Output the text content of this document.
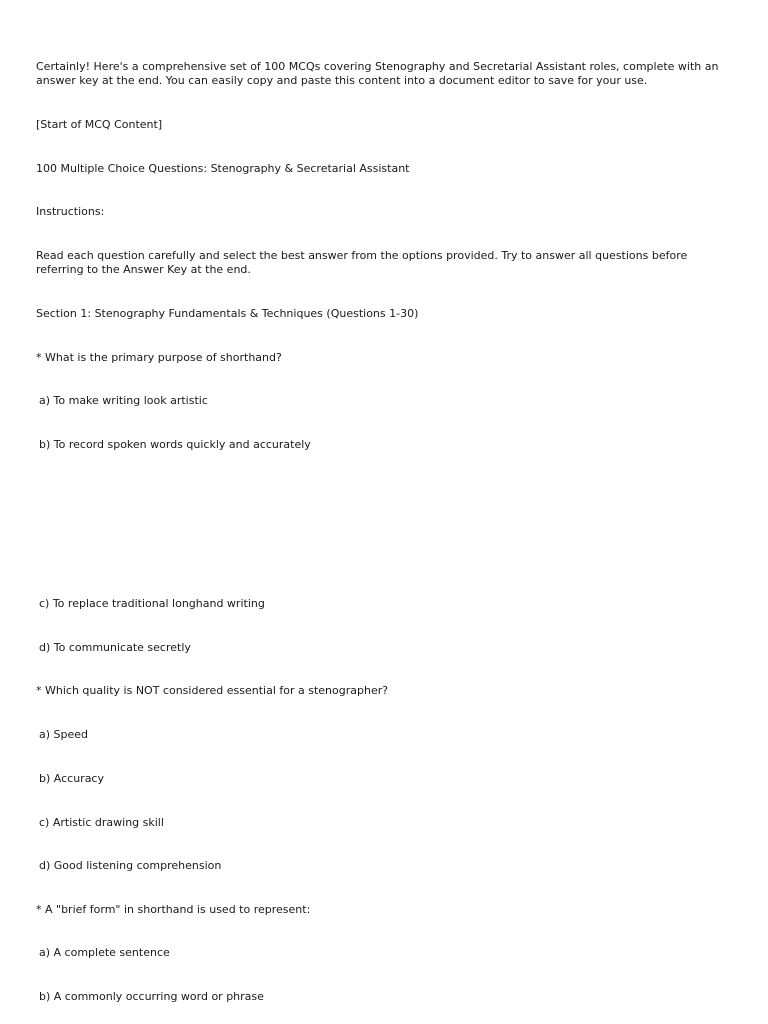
Certainly! Here's a comprehensive set of 100 MCQs covering Stenography and Secretarial Assistant roles, complete with an answer key at the end. You can easily copy and paste this content into a document editor to save for your use.

[Start of MCQ Content]

100 Multiple Choice Questions: Stenography & Secretarial Assistant

Instructions:

Read each question carefully and select the best answer from the options provided. Try to answer all questions before referring to the Answer Key at the end.

Section 1: Stenography Fundamentals & Techniques (Questions 1-30)

* What is the primary purpose of shorthand?

a) To make writing look artistic

b) To record spoken words quickly and accurately

c) To replace traditional longhand writing

d) To communicate secretly

* Which quality is NOT considered essential for a stenographer?

a) Speed

b) Accuracy

c) Artistic drawing skill

d) Good listening comprehension

* A "brief form" in shorthand is used to represent:

a) A complete sentence

b) A commonly occurring word or phrase
